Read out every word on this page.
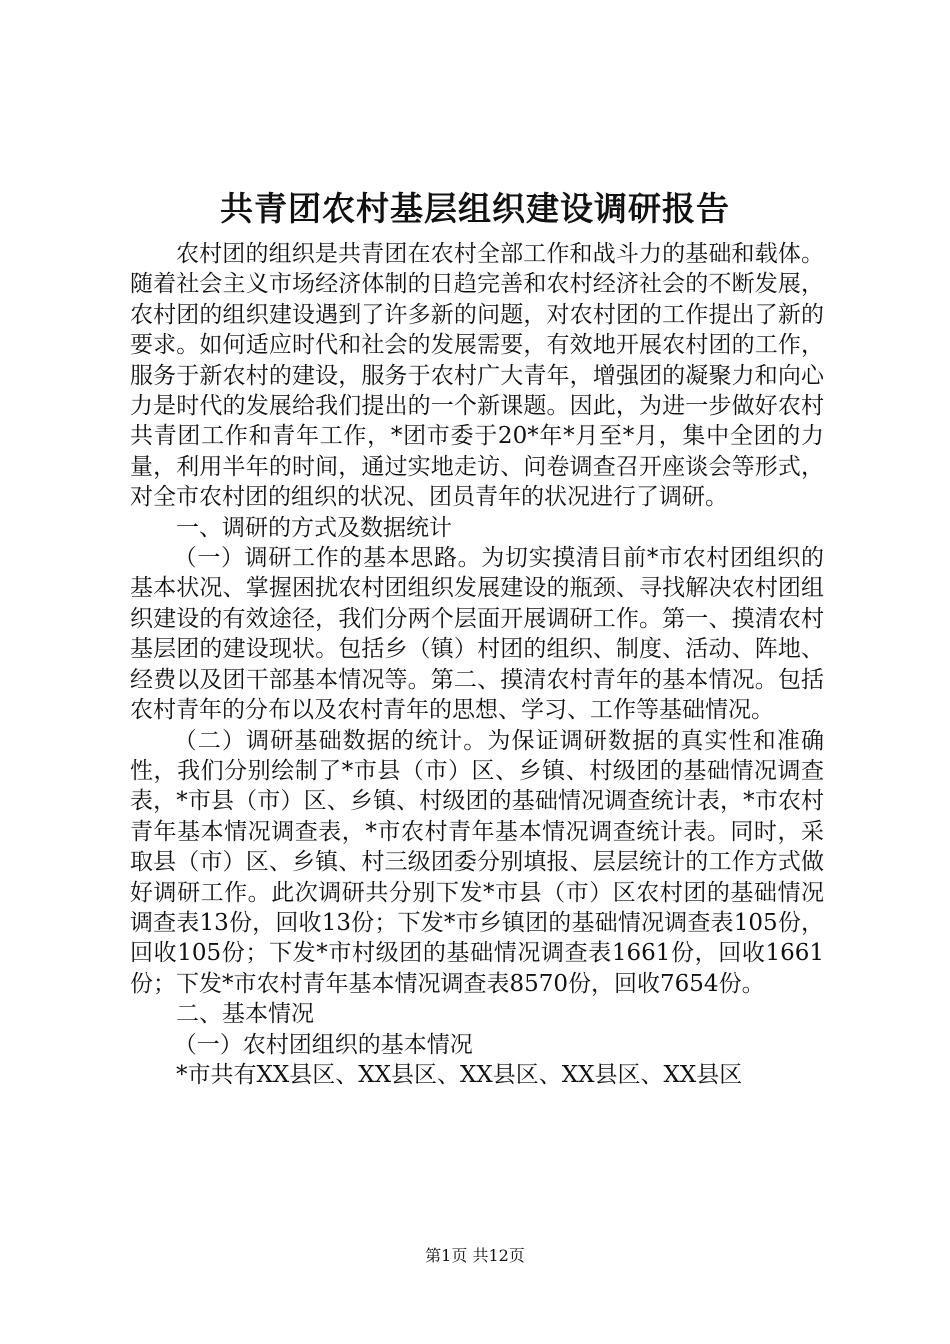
共青团农村基层组织建设调研报告

农村团的组织是共青团在农村全部工作和战斗力的基础和载体。随着社会主义市场经济体制的日趋完善和农村经济社会的不断发展，农村团的组织建设遇到了许多新的问题，对农村团的工作提出了新的要求。如何适应时代和社会的发展需要，有效地开展农村团的工作，服务于新农村的建设，服务于农村广大青年，增强团的凝聚力和向心力是时代的发展给我们提出的一个新课题。因此，为进一步做好农村共青团工作和青年工作，*团市委于20*年*月至*月，集中全团的力量，利用半年的时间，通过实地走访、问卷调查召开座谈会等形式，对全市农村团的组织的状况、团员青年的状况进行了调研。

一、调研的方式及数据统计

（一）调研工作的基本思路。为切实摸清目前*市农村团组织的基本状况、掌握困扰农村团组织发展建设的瓶颈、寻找解决农村团组织建设的有效途径，我们分两个层面开展调研工作。第一、摸清农村基层团的建设现状。包括乡（镇）村团的组织、制度、活动、阵地、经费以及团干部基本情况等。第二、摸清农村青年的基本情况。包括农村青年的分布以及农村青年的思想、学习、工作等基础情况。

（二）调研基础数据的统计。为保证调研数据的真实性和准确性，我们分别绘制了*市县（市）区、乡镇、村级团的基础情况调查表，*市县（市）区、乡镇、村级团的基础情况调查统计表，*市农村青年基本情况调查表，*市农村青年基本情况调查统计表。同时，采取县（市）区、乡镇、村三级团委分别填报、层层统计的工作方式做好调研工作。此次调研共分别下发*市县（市）区农村团的基础情况调查表13份，回收13份；下发*市乡镇团的基础情况调查表105份，回收105份；下发*市村级团的基础情况调查表1661份，回收1661份；下发*市农村青年基本情况调查表8570份，回收7654份。

二、基本情况

（一）农村团组织的基本情况

*市共有XX县区、XX县区、XX县区、XX县区、XX县区

第1页 共12页
